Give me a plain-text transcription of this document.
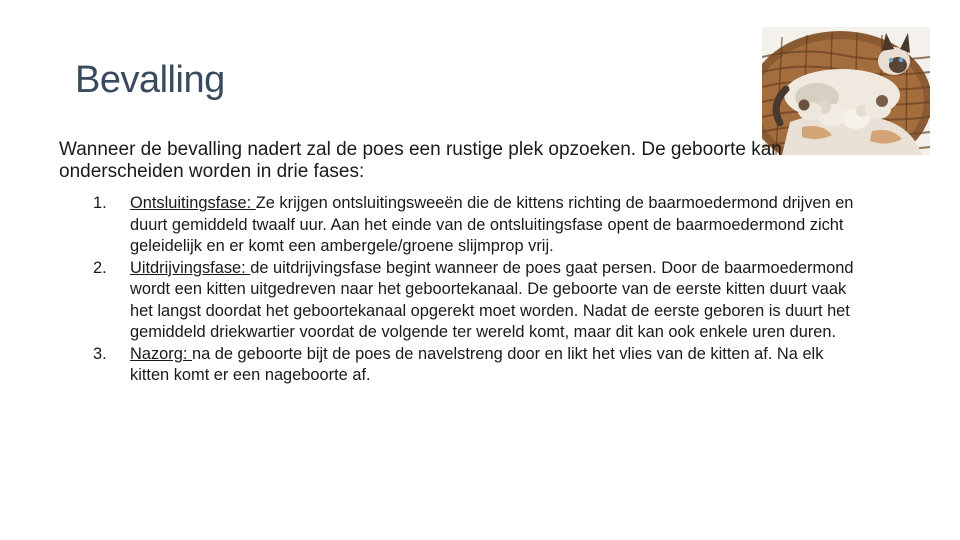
Bevalling
Wanneer de bevalling nadert zal de poes een rustige plek opzoeken. De geboorte kan onderscheiden worden in drie fases:
1. Ontsluitingsfase: Ze krijgen ontsluitingsweeën die de kittens richting de baarmoedermond drijven en duurt gemiddeld twaalf uur. Aan het einde van de ontsluitingsfase opent de baarmoedermond zicht geleidelijk en er komt een ambergele/groene slijmprop vrij.
2. Uitdrijvingsfase: de uitdrijvingsfase begint wanneer de poes gaat persen. Door de baarmoedermond wordt een kitten uitgedreven naar het geboortekanaal. De geboorte van de eerste kitten duurt vaak het langst doordat het geboortekanaal opgerekt moet worden. Nadat de eerste geboren is duurt het gemiddeld driekwartier voordat de volgende ter wereld komt, maar dit kan ook enkele uren duren.
3. Nazorg: na de geboorte bijt de poes de navelstreng door en likt het vlies van de kitten af. Na elk kitten komt er een nageboorte af.
